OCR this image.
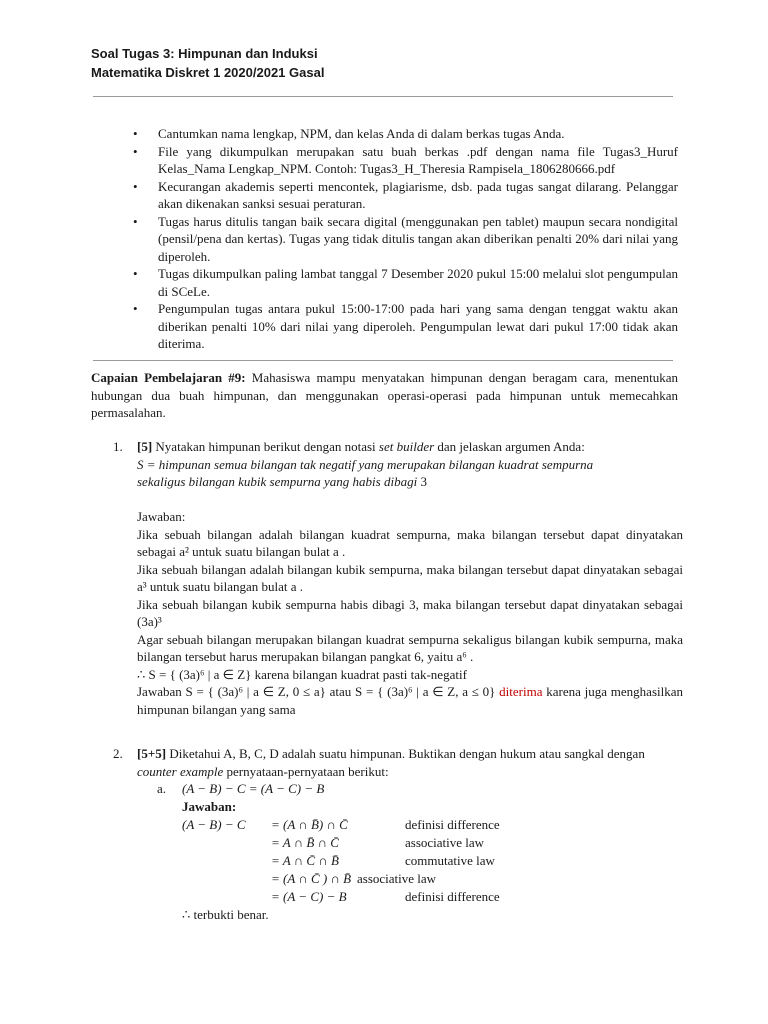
Soal Tugas 3: Himpunan dan Induksi
Matematika Diskret 1 2020/2021 Gasal
• Cantumkan nama lengkap, NPM, dan kelas Anda di dalam berkas tugas Anda.
• File yang dikumpulkan merupakan satu buah berkas .pdf dengan nama file Tugas3_Huruf Kelas_Nama Lengkap_NPM. Contoh: Tugas3_H_Theresia Rampisela_1806280666.pdf
• Kecurangan akademis seperti mencontek, plagiarisme, dsb. pada tugas sangat dilarang. Pelanggar akan dikenakan sanksi sesuai peraturan.
• Tugas harus ditulis tangan baik secara digital (menggunakan pen tablet) maupun secara nondigital (pensil/pena dan kertas). Tugas yang tidak ditulis tangan akan diberikan penalti 20% dari nilai yang diperoleh.
• Tugas dikumpulkan paling lambat tanggal 7 Desember 2020 pukul 15:00 melalui slot pengumpulan di SCeLe.
• Pengumpulan tugas antara pukul 15:00-17:00 pada hari yang sama dengan tenggat waktu akan diberikan penalti 10% dari nilai yang diperoleh. Pengumpulan lewat dari pukul 17:00 tidak akan diterima.
Capaian Pembelajaran #9: Mahasiswa mampu menyatakan himpunan dengan beragam cara, menentukan hubungan dua buah himpunan, dan menggunakan operasi-operasi pada himpunan untuk memecahkan permasalahan.
1. [5] Nyatakan himpunan berikut dengan notasi set builder dan jelaskan argumen Anda:
S = himpunan semua bilangan tak negatif yang merupakan bilangan kuadrat sempurna
sekaligus bilangan kubik sempurna yang habis dibagi 3
Jawaban:
Jika sebuah bilangan adalah bilangan kuadrat sempurna, maka bilangan tersebut dapat dinyatakan sebagai a² untuk suatu bilangan bulat a .
Jika sebuah bilangan adalah bilangan kubik sempurna, maka bilangan tersebut dapat dinyatakan sebagai a³ untuk suatu bilangan bulat a .
Jika sebuah bilangan kubik sempurna habis dibagi 3, maka bilangan tersebut dapat dinyatakan sebagai (3a)³
Agar sebuah bilangan merupakan bilangan kuadrat sempurna sekaligus bilangan kubik sempurna, maka bilangan tersebut harus merupakan bilangan pangkat 6, yaitu a⁶ .
∴ S = { (3a)⁶ | a ∈ Z} karena bilangan kuadrat pasti tak-negatif
Jawaban S = { (3a)⁶ | a ∈ Z, 0 ≤ a} atau S = { (3a)⁶ | a ∈ Z, a ≤ 0} diterima karena juga menghasilkan himpunan bilangan yang sama
2. [5+5] Diketahui A, B, C, D adalah suatu himpunan. Buktikan dengan hukum atau sangkal dengan
counter example pernyataan-pernyataan berikut:
a. (A − B) − C = (A − C) − B
Jawaban:
(A − B) − C = (A ∩ B̄) ∩ C̄	definisi difference
= A ∩ B̄ ∩ C̄	associative law
= A ∩ C̄ ∩ B̄	commutative law
= (A ∩ C̄ ) ∩ B̄ associative law
= (A − C) − B	definisi difference
∴ terbukti benar.
